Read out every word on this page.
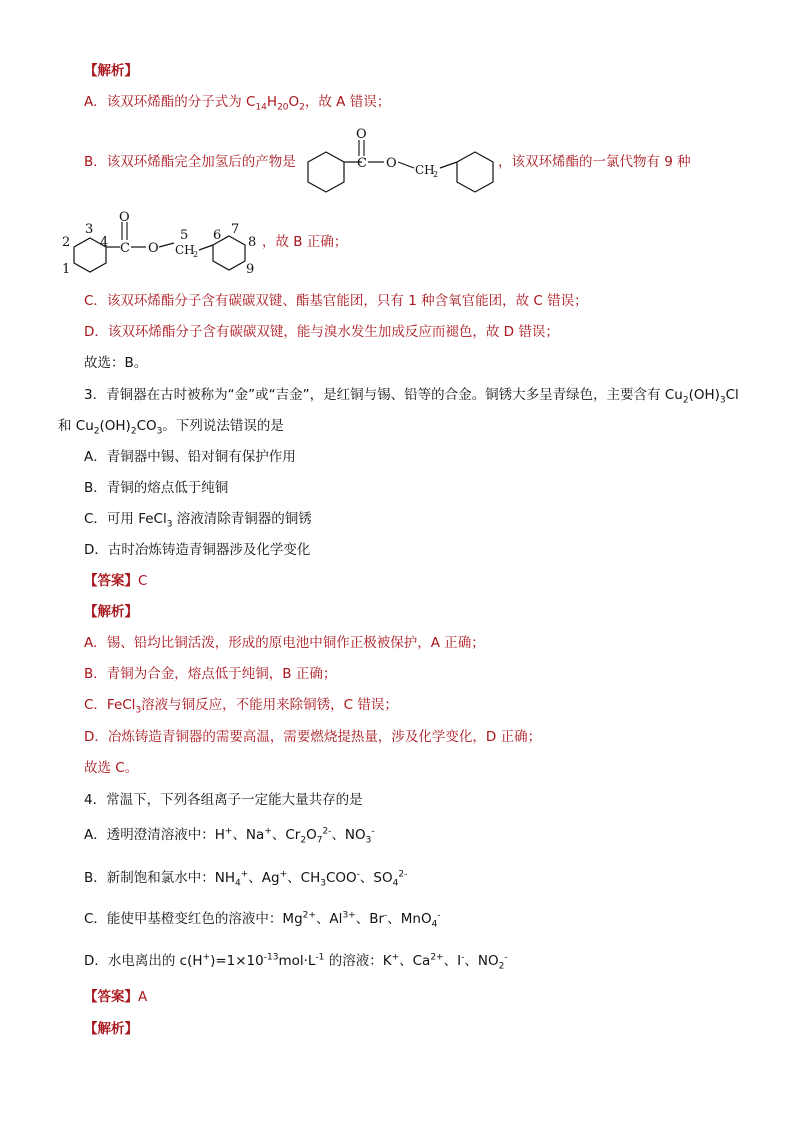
【解析】
A．该双环烯酯的分子式为 $C_{14}H_{20}O_2$，故 A 错误；
B．该双环烯酯完全加氢后的产物是
O
C O CH
2
，该双环烯酯的一氯代物有 9 种
1
2
3
4
O
C O
5
CH
2
6 7
8
9
，故 B 正确；
C．该双环烯酯分子含有碳碳双键、酯基官能团，只有 1 种含氧官能团，故 C 错误；
D．该双环烯酯分子含有碳碳双键，能与溴水发生加成反应而褪色，故 D 错误；
故选：B。
3．青铜器在古时被称为“金”或“吉金”，是红铜与锡、铅等的合金。铜锈大多呈青绿色，主要含有 $Cu_2(OH)_3Cl$
和 $Cu_2(OH)_2CO_3$。下列说法错误的是
A．青铜器中锡、铅对铜有保护作用
B．青铜的熔点低于纯铜
C．可用 FeCl$_3$ 溶液清除青铜器的铜锈
D．古时冶炼铸造青铜器涉及化学变化
【答案】C
【解析】
A．锡、铅均比铜活泼，形成的原电池中铜作正极被保护，A 正确；
B．青铜为合金，熔点低于纯铜，B 正确；
C．FeCl$_3$溶液与铜反应，不能用来除铜锈，C 错误；
D．冶炼铸造青铜器的需要高温，需要燃烧提热量，涉及化学变化，D 正确；
故选 C。
4．常温下，下列各组离子一定能大量共存的是
A．透明澄清溶液中：H+、Na+、$Cr_2O_7^{2-}$、$NO_3^-$
B．新制饱和氯水中：$NH_4^+$、Ag+、$CH_3COO^-$、$SO_4^{2-}$
C．能使甲基橙变红色的溶液中：$Mg^{2+}$、$Al^{3+}$、Br-、MnO$_4$-
D．水电离出的 $c(H^+)=1\times 10^{-13}mol\cdot L^{-1}$ 的溶液：K+、$Ca^{2+}$、I-、$NO_2^-$
【答案】A
【解析】
